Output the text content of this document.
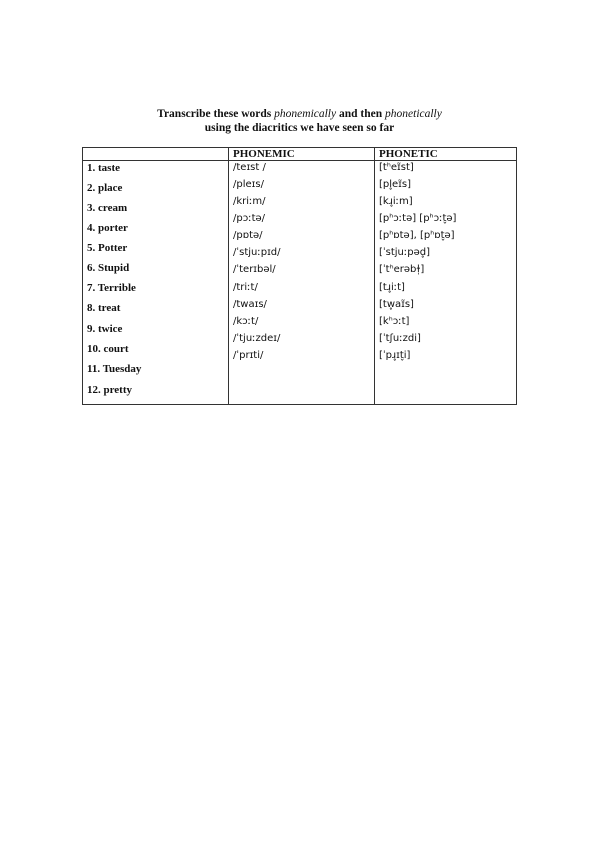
Transcribe these words phonemically and then phonetically
using the diacritics we have seen so far
1. taste
2. place
3. cream
4. porter
5. Potter
6. Stupid
7. Terrible
8. treat
9. twice
10. court
11. Tuesday
12. pretty
PHONEMIC
/teɪst /
/pleɪs/
/kriːm/
/pɔːtə/
/pɒtə/
/ˈstjuːpɪd/
/ˈterɪbəl/
/triːt/
/twaɪs/
/kɔːt/
/ˈtjuːzdeɪ/
/ˈprɪti/
PHONETIC
[tʰeɪ̃st]
[pl̥eɪ̃s]
[kɹ̥iːm]
[pʰɔːtə] [pʰɔːt̬ə]
[pʰɒtə], [pʰɒt̬ə]
[ˈstjuːpəd̥]
[ˈtʰerəbɫ̩]
[tɹ̥iːt]
[tw̥aɪ̃s]
[kʰɔːt]
[ˈtʃuːzdi]
[ˈpɹ̥ɪt̬i]
